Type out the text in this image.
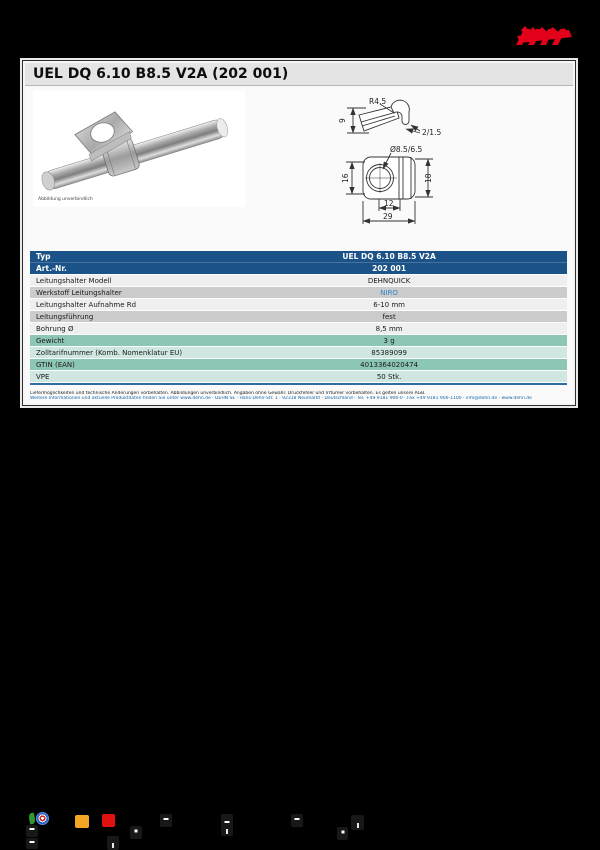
UEL DQ 6.10 B8.5 V2A (202 001)
Abbildung unverbindlich
R4.5
9
2/1.5
Ø8.5/6.5
16	18
12
29
Typ	UEL DQ 6.10 B8.5 V2A
Art.-Nr.	202 001
Leitungshalter Modell	DEHNQUICK
Werkstoff Leitungshalter	NIRO
Leitungshalter Aufnahme Rd	6-10 mm
Leitungsführung	fest
Bohrung Ø	8,5 mm
Gewicht	3 g
Zolltarifnummer (Komb. Nomenklatur EU)	85389099
GTIN (EAN)	4013364020474
VPE	50 Stk.
Liefermöglichkeiten und technische Änderungen vorbehalten. Abbildungen unverbindlich. Angaben ohne Gewähr. Druckfehler und Irrtümer vorbehalten. Es gelten unsere AGB.
Weitere Informationen und aktuelle Produktdaten finden Sie unter www.dehn.de · DEHN SE · Hans-Dehn-Str. 1 · 92318 Neumarkt · Deutschland · Tel. +49 9181 906-0 · Fax +49 9181 906-1100 · info@dehn.de · www.dehn.de
